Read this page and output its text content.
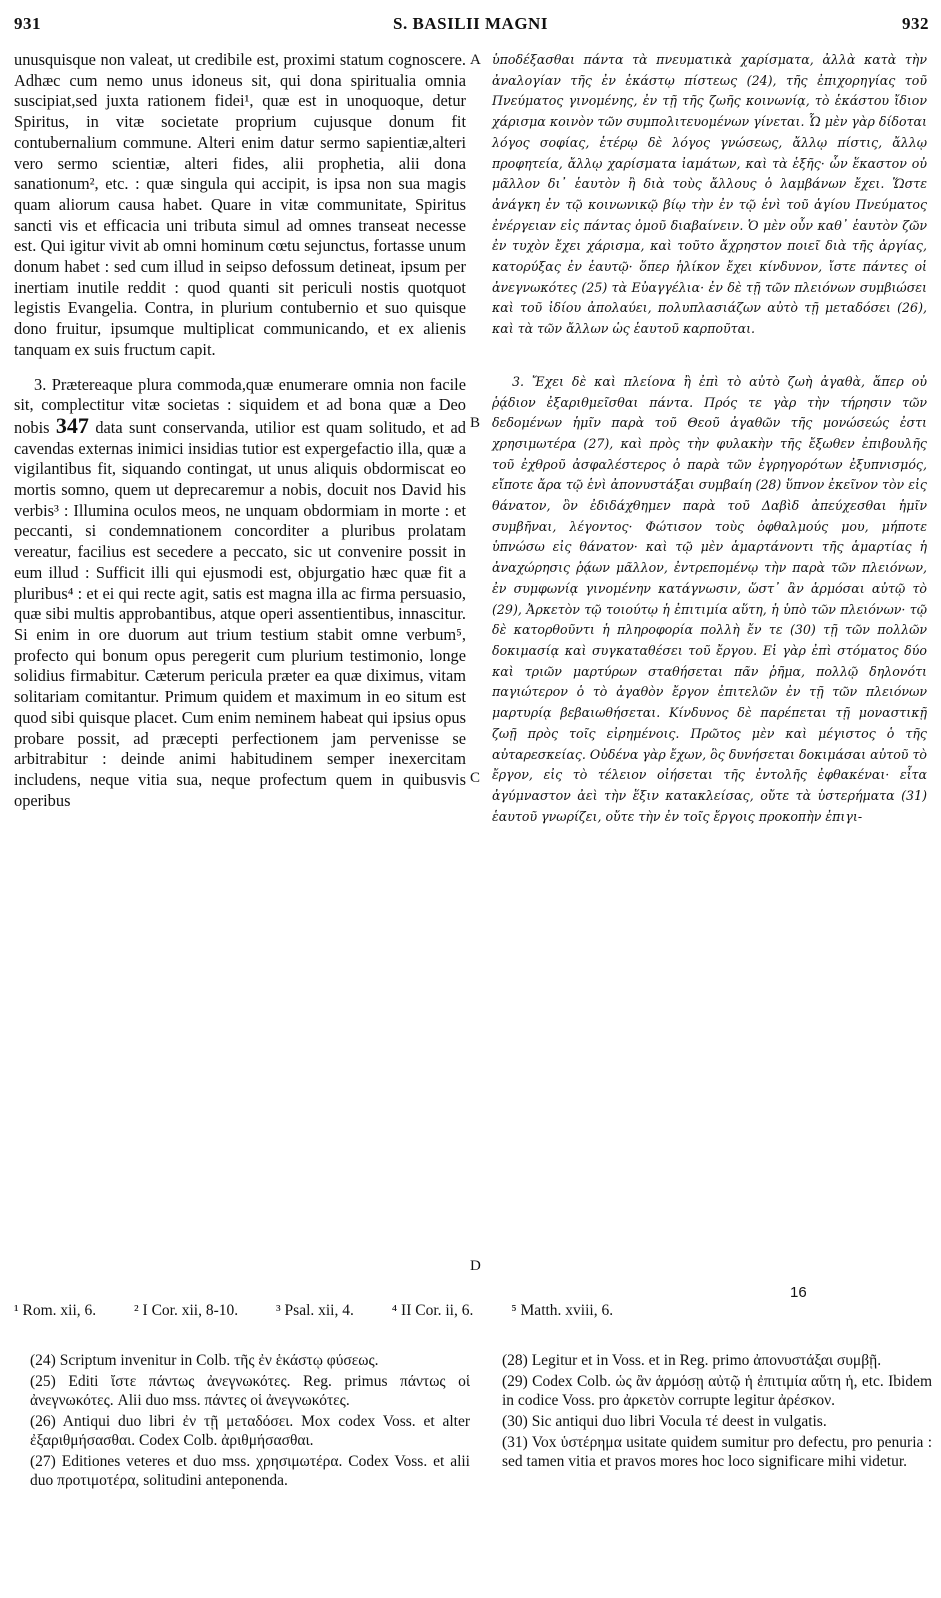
931	S. BASILII MAGNI	932

unusquisque non valeat, ut credibile est, proximi statum cognoscere. Adhæc cum nemo unus idoneus sit, qui dona spiritualia omnia suscipiat,sed juxta rationem fidei¹, quæ est in unoquoque, detur Spiritus, in vitæ societate proprium cujusque donum fit contubernalium commune. Alteri enim datur sermo sapientiæ,alteri vero sermo scientiæ, alteri fides, alii prophetia, alii dona sanationum², etc. : quæ singula qui accipit, is ipsa non sua magis quam aliorum causa habet. Quare in vitæ communitate, Spiritus sancti vis et efficacia uni tributa simul ad omnes transeat necesse est. Qui igitur vivit ab omni hominum cœtu sejunctus, fortasse unum donum habet : sed cum illud in seipso defossum detineat, ipsum per inertiam inutile reddit : quod quanti sit periculi nostis quotquot legistis Evangelia. Contra, in plurium contubernio et suo quisque dono fruitur, ipsumque multiplicat communicando, et ex alienis tanquam ex suis fructum capit.

3. Prætereaque plura commoda,quæ enumerare omnia non facile sit, complectitur vitæ societas : siquidem et ad bona quæ a Deo nobis 347 data sunt conservanda, utilior est quam solitudo, et ad cavendas externas inimici insidias tutior est expergefactio illa, quæ a vigilantibus fit, siquando contingat, ut unus aliquis obdormiscat eo mortis somno, quem ut deprecaremur a nobis, docuit nos David his verbis³ : Illumina oculos meos, ne unquam obdormiam in morte : et peccanti, si condemnationem concorditer a pluribus prolatam vereatur, facilius est secedere a peccato, sic ut convenire possit in eum illud : Sufficit illi qui ejusmodi est, objurgatio hæc quæ fit a pluribus⁴ : et ei qui recte agit, satis est magna illa ac firma persuasio, quæ sibi multis approbantibus, atque operi assentientibus, innascitur. Si enim in ore duorum aut trium testium stabit omne verbum⁵, profecto qui bonum opus peregerit cum plurium testimonio, longe solidius firmabitur. Cæterum pericula præter ea quæ diximus, vitam solitariam comitantur. Primum quidem et maximum in eo situm est quod sibi quisque placet. Cum enim neminem habeat qui ipsius opus probare possit, ad præcepti perfectionem jam pervenisse se arbitrabitur : deinde animi habitudinem semper inexercitam includens, neque vitia sua, neque profectum quem in quibusvis operibus

A
B
C
D

ὑποδέξασθαι πάντα τὰ πνευματικὰ χαρίσματα, ἀλλὰ κατὰ τὴν ἀναλογίαν τῆς ἐν ἑκάστῳ πίστεως (24), τῆς ἐπιχορηγίας τοῦ Πνεύματος γινομένης, ἐν τῇ τῆς ζωῆς κοινωνίᾳ, τὸ ἑκάστου ἴδιον χάρισμα κοινὸν τῶν συμπολιτευομένων γίνεται. Ὧ μὲν γὰρ δίδοται λόγος σοφίας, ἑτέρῳ δὲ λόγος γνώσεως, ἄλλῳ πίστις, ἄλλῳ προφητεία, ἄλλῳ χαρίσματα ἰαμάτων, καὶ τὰ ἑξῆς· ὧν ἕκαστον οὐ μᾶλλον δι᾽ ἑαυτὸν ἢ διὰ τοὺς ἄλλους ὁ λαμβάνων ἔχει. Ὥστε ἀνάγκη ἐν τῷ κοινωνικῷ βίῳ τὴν ἐν τῷ ἑνὶ τοῦ ἁγίου Πνεύματος ἐνέργειαν εἰς πάντας ὁμοῦ διαβαίνειν. Ὁ μὲν οὖν καθ᾽ ἑαυτὸν ζῶν ἐν τυχὸν ἔχει χάρισμα, καὶ τοῦτο ἄχρηστον ποιεῖ διὰ τῆς ἀργίας, κατορύξας ἐν ἑαυτῷ· ὅπερ ἡλίκον ἔχει κίνδυνον, ἴστε πάντες οἱ ἀνεγνωκότες (25) τὰ Εὐαγγέλια· ἐν δὲ τῇ τῶν πλειόνων συμβιώσει καὶ τοῦ ἰδίου ἀπολαύει, πολυπλασιάζων αὐτὸ τῇ μεταδόσει (26), καὶ τὰ τῶν ἄλλων ὡς ἑαυτοῦ καρποῦται.

3. Ἔχει δὲ καὶ πλείονα ἢ ἐπὶ τὸ αὐτὸ ζωὴ ἀγαθὰ, ἅπερ οὐ ῥᾴδιον ἐξαριθμεῖσθαι πάντα. Πρός τε γὰρ τὴν τήρησιν τῶν δεδομένων ἡμῖν παρὰ τοῦ Θεοῦ ἀγαθῶν τῆς μονώσεώς ἐστι χρησιμωτέρα (27), καὶ πρὸς τὴν φυλακὴν τῆς ἔξωθεν ἐπιβουλῆς τοῦ ἐχθροῦ ἀσφαλέστερος ὁ παρὰ τῶν ἐγρηγορότων ἐξυπνισμός, εἴποτε ἄρα τῷ ἑνὶ ἀπονυστάξαι συμβαίη (28) ὕπνον ἐκεῖνον τὸν εἰς θάνατον, ὃν ἐδιδάχθημεν παρὰ τοῦ Δαβὶδ ἀπεύχεσθαι ἡμῖν συμβῆναι, λέγοντος· Φώτισον τοὺς ὀφθαλμούς μου, μήποτε ὑπνώσω εἰς θάνατον· καὶ τῷ μὲν ἁμαρτάνοντι τῆς ἁμαρτίας ἡ ἀναχώρησις ῥᾴων μᾶλλον, ἐντρεπομένῳ τὴν παρὰ τῶν πλειόνων, ἐν συμφωνίᾳ γινομένην κατάγνωσιν, ὥστ᾽ ἂν ἁρμόσαι αὐτῷ τὸ (29), Ἀρκετὸν τῷ τοιούτῳ ἡ ἐπιτιμία αὕτη, ἡ ὑπὸ τῶν πλειόνων· τῷ δὲ κατορθοῦντι ἡ πληροφορία πολλὴ ἔν τε (30) τῇ τῶν πολλῶν δοκιμασίᾳ καὶ συγκαταθέσει τοῦ ἔργου. Εἰ γὰρ ἐπὶ στόματος δύο καὶ τριῶν μαρτύρων σταθήσεται πᾶν ῥῆμα, πολλῷ δηλονότι παγιώτερον ὁ τὸ ἀγαθὸν ἔργον ἐπιτελῶν ἐν τῇ τῶν πλειόνων μαρτυρίᾳ βεβαιωθήσεται. Κίνδυνος δὲ παρέπεται τῇ μοναστικῇ ζωῇ πρὸς τοῖς εἰρημένοις. Πρῶτος μὲν καὶ μέγιστος ὁ τῆς αὐταρεσκείας. Οὐδένα γὰρ ἔχων, ὃς δυνήσεται δοκιμάσαι αὐτοῦ τὸ ἔργον, εἰς τὸ τέλειον οἰήσεται τῆς ἐντολῆς ἐφθακέναι· εἶτα ἀγύμναστον ἀεὶ τὴν ἕξιν κατακλείσας, οὔτε τὰ ὑστερήματα (31) ἑαυτοῦ γνωρίζει, οὔτε τὴν ἐν τοῖς ἔργοις προκοπὴν ἐπιγι-

16
¹ Rom. xii, 6. ² I Cor. xii, 8-10. ³ Psal. xii, 4. ⁴ II Cor. ii, 6. ⁵ Matth. xviii, 6.

(24) Scriptum invenitur in Colb. τῆς ἐν ἑκάστῳ φύσεως.

(25) Editi ἴστε πάντως ἀνεγνωκότες. Reg. primus πάντως οἱ ἀνεγνωκότες. Alii duo mss. πάντες οἱ ἀνεγνωκότες.

(26) Antiqui duo libri ἐν τῇ μεταδόσει. Mox codex Voss. et alter ἐξαριθμήσασθαι. Codex Colb. ἀριθμήσασθαι.

(27) Editiones veteres et duo mss. χρησιμωτέρα. Codex Voss. et alii duo προτιμοτέρα, solitudini anteponenda.

(28) Legitur et in Voss. et in Reg. primo ἀπονυστάξαι συμβῇ.

(29) Codex Colb. ὡς ἂν ἁρμόσῃ αὐτῷ ἡ ἐπιτιμία αὕτη ἡ, etc. Ibidem in codice Voss. pro ἀρκετὸν corrupte legitur ἀρέσκον.

(30) Sic antiqui duo libri Vocula τέ deest in vulgatis.

(31) Vox ὑστέρημα usitate quidem sumitur pro defectu, pro penuria : sed tamen vitia et pravos mores hoc loco significare mihi videtur.
